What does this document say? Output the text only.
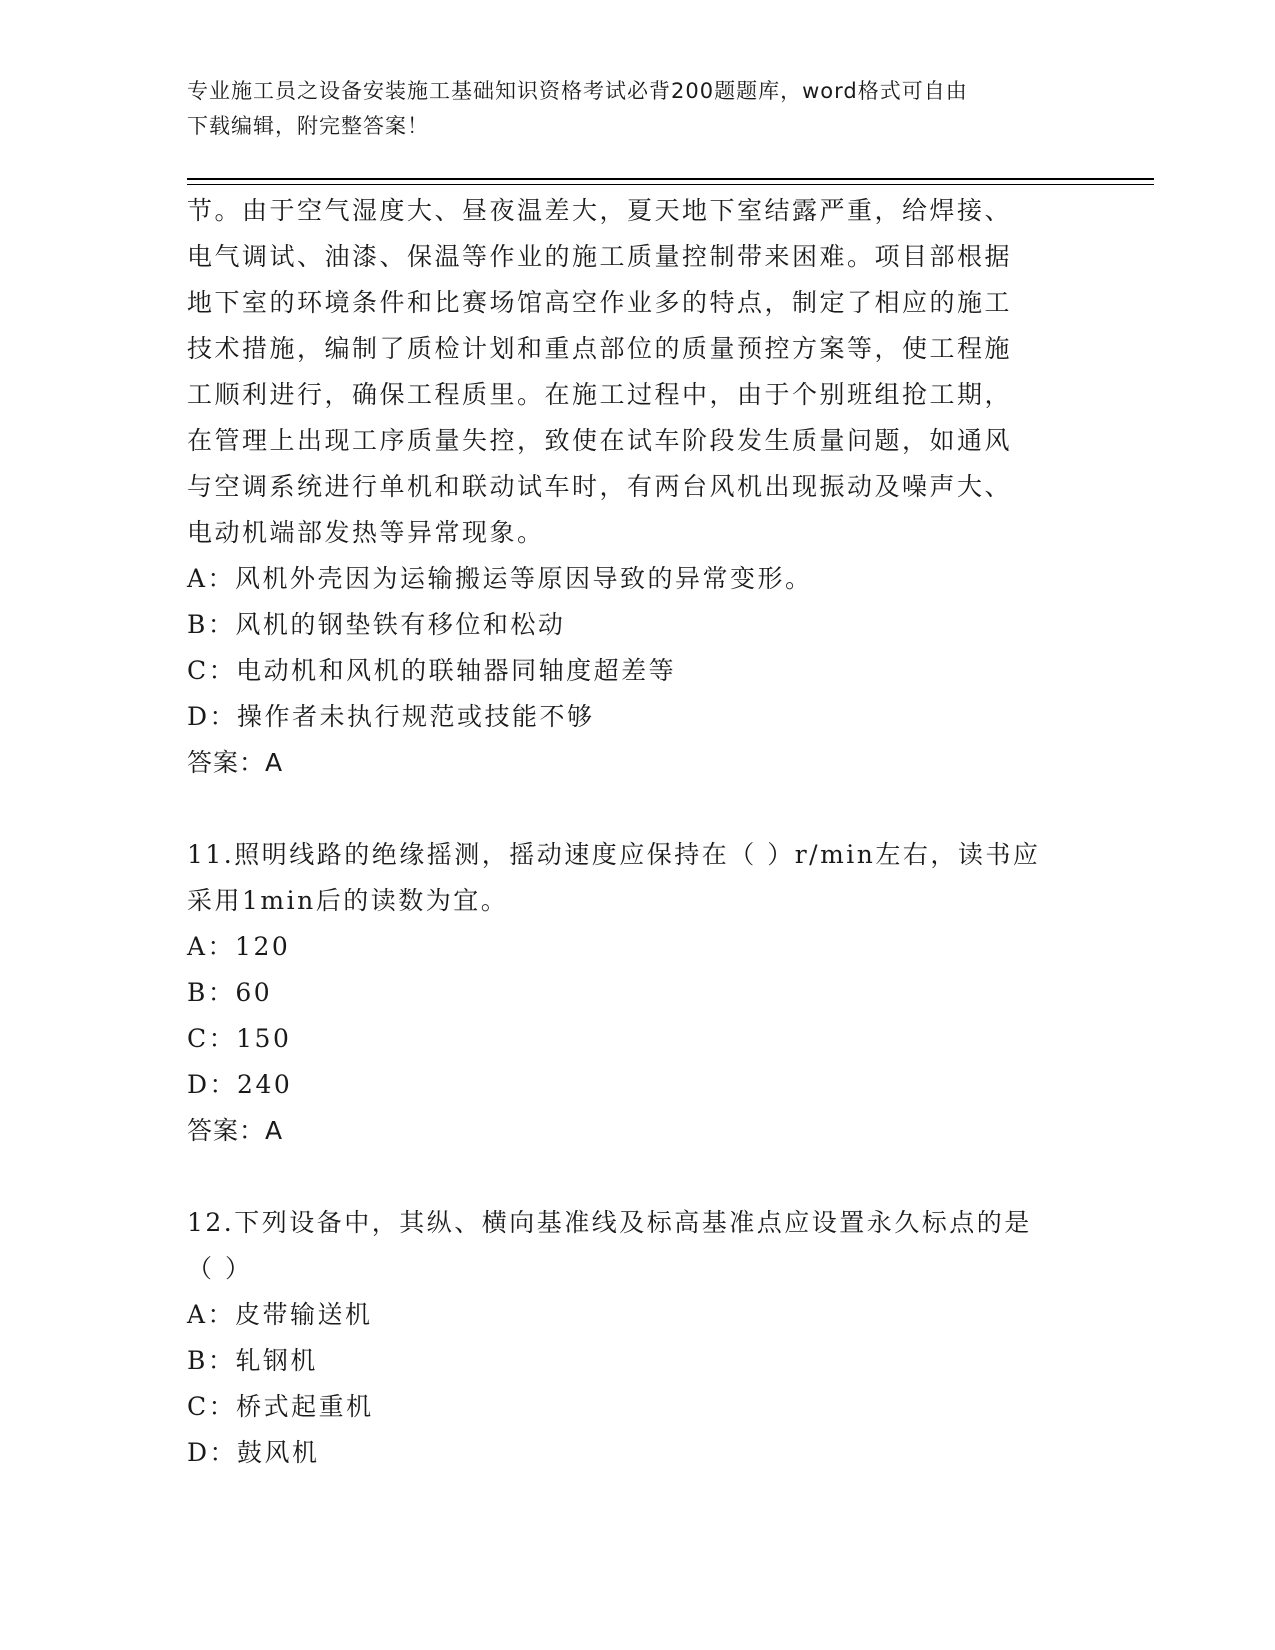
专业施工员之设备安装施工基础知识资格考试必背200题题库，word格式可自由
下载编辑，附完整答案！

节。由于空气湿度大、昼夜温差大，夏天地下室结露严重，给焊接、

电气调试、油漆、保温等作业的施工质量控制带来困难。项目部根据

地下室的环境条件和比赛场馆高空作业多的特点，制定了相应的施工

技术措施，编制了质检计划和重点部位的质量预控方案等，使工程施

工顺利进行，确保工程质里。在施工过程中，由于个别班组抢工期，

在管理上出现工序质量失控，致使在试车阶段发生质量问题，如通风

与空调系统进行单机和联动试车时，有两台风机出现振动及噪声大、

电动机端部发热等异常现象。

A：风机外壳因为运输搬运等原因导致的异常变形。

B：风机的钢垫铁有移位和松动

C：电动机和风机的联轴器同轴度超差等

D：操作者未执行规范或技能不够

答案：A

11.照明线路的绝缘摇测，摇动速度应保持在（ ）r/min左右，读书应

采用1min后的读数为宜。

A：120

B：60

C：150

D：240

答案：A

12.下列设备中，其纵、横向基准线及标高基准点应设置永久标点的是

（ ）

A：皮带输送机

B：轧钢机

C：桥式起重机

D：鼓风机
